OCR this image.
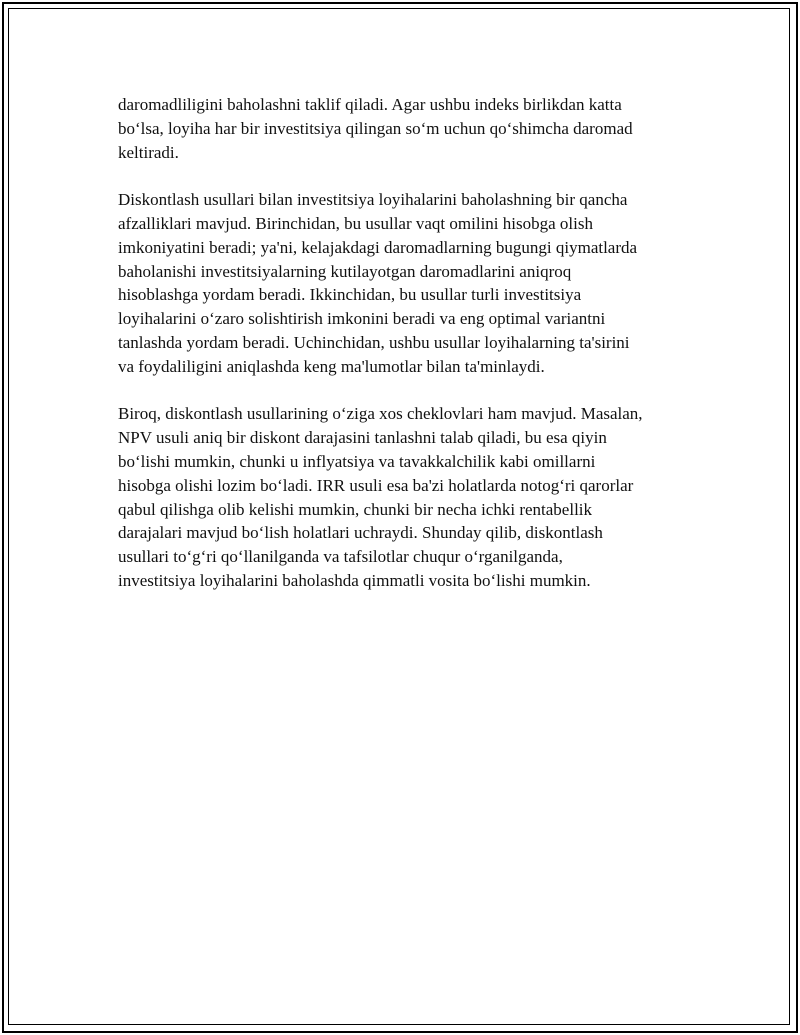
daromadliligini baholashni taklif qiladi. Agar ushbu indeks birlikdan katta
bo‘lsa, loyiha har bir investitsiya qilingan so‘m uchun qo‘shimcha daromad
keltiradi.

Diskontlash usullari bilan investitsiya loyihalarini baholashning bir qancha
afzalliklari mavjud. Birinchidan, bu usullar vaqt omilini hisobga olish
imkoniyatini beradi; ya'ni, kelajakdagi daromadlarning bugungi qiymatlarda
baholanishi investitsiyalarning kutilayotgan daromadlarini aniqroq
hisoblashga yordam beradi. Ikkinchidan, bu usullar turli investitsiya
loyihalarini o‘zaro solishtirish imkonini beradi va eng optimal variantni
tanlashda yordam beradi. Uchinchidan, ushbu usullar loyihalarning ta'sirini
va foydaliligini aniqlashda keng ma'lumotlar bilan ta'minlaydi.

Biroq, diskontlash usullarining o‘ziga xos cheklovlari ham mavjud. Masalan,
NPV usuli aniq bir diskont darajasini tanlashni talab qiladi, bu esa qiyin
bo‘lishi mumkin, chunki u inflyatsiya va tavakkalchilik kabi omillarni
hisobga olishi lozim bo‘ladi. IRR usuli esa ba'zi holatlarda notog‘ri qarorlar
qabul qilishga olib kelishi mumkin, chunki bir necha ichki rentabellik
darajalari mavjud bo‘lish holatlari uchraydi. Shunday qilib, diskontlash
usullari to‘g‘ri qo‘llanilganda va tafsilotlar chuqur o‘rganilganda,
investitsiya loyihalarini baholashda qimmatli vosita bo‘lishi mumkin.
